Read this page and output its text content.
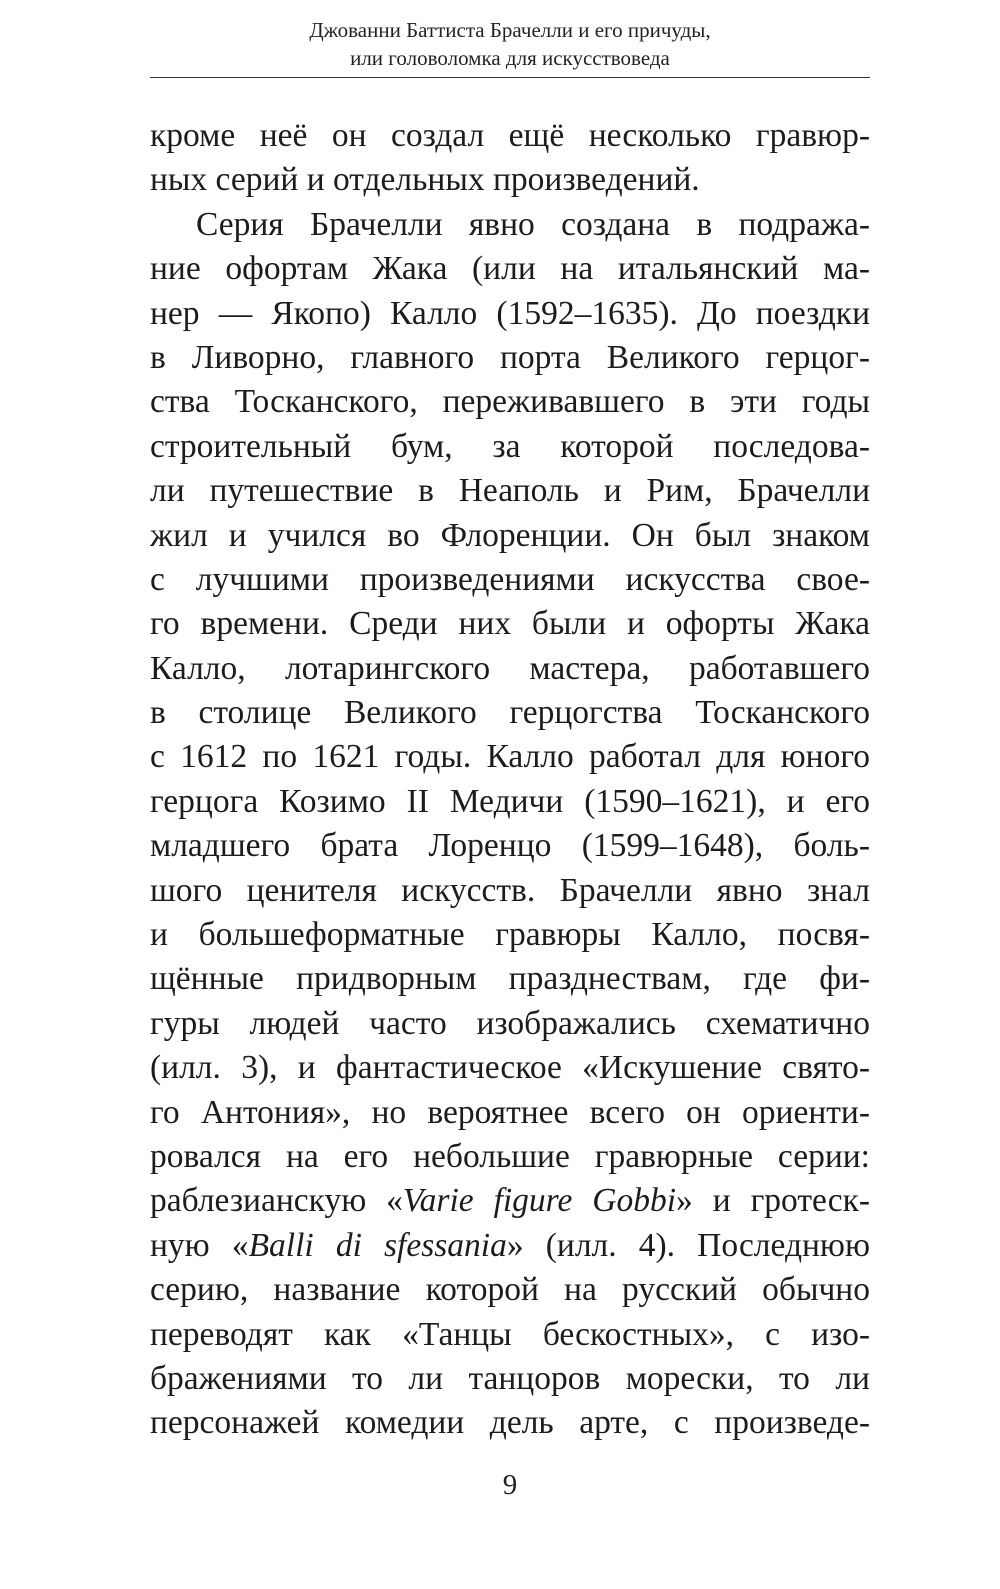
Джованни Баттиста Брачелли и его причуды,
или головоломка для искусствоведа
кроме неё он создал ещё несколько гравюр-
ных серий и отдельных произведений.
Серия Брачелли явно создана в подража-
ние офортам Жака (или на итальянский ма-
нер — Якопо) Калло (1592–1635). До поездки
в Ливорно, главного порта Великого герцог-
ства Тосканского, переживавшего в эти годы
строительный бум, за которой последова-
ли путешествие в Неаполь и Рим, Брачелли
жил и учился во Флоренции. Он был знаком
с лучшими произведениями искусства свое-
го времени. Среди них были и офорты Жака
Калло, лотарингского мастера, работавшего
в столице Великого герцогства Тосканского
с 1612 по 1621 годы. Калло работал для юного
герцога Козимо II Медичи (1590–1621), и его
младшего брата Лоренцо (1599–1648), боль-
шого ценителя искусств. Брачелли явно знал
и большеформатные гравюры Калло, посвя-
щённые придворным празднествам, где фи-
гуры людей часто изображались схематично
(илл. 3), и фантастическое «Искушение свято-
го Антония», но вероятнее всего он ориенти-
ровался на его небольшие гравюрные серии:
раблезианскую «Varie figure Gobbi» и гротеск-
ную «Balli di sfessania» (илл. 4). Последнюю
серию, название которой на русский обычно
переводят как «Танцы бескостных», с изо-
бражениями то ли танцоров морески, то ли
персонажей комедии дель арте, с произведе-
9
